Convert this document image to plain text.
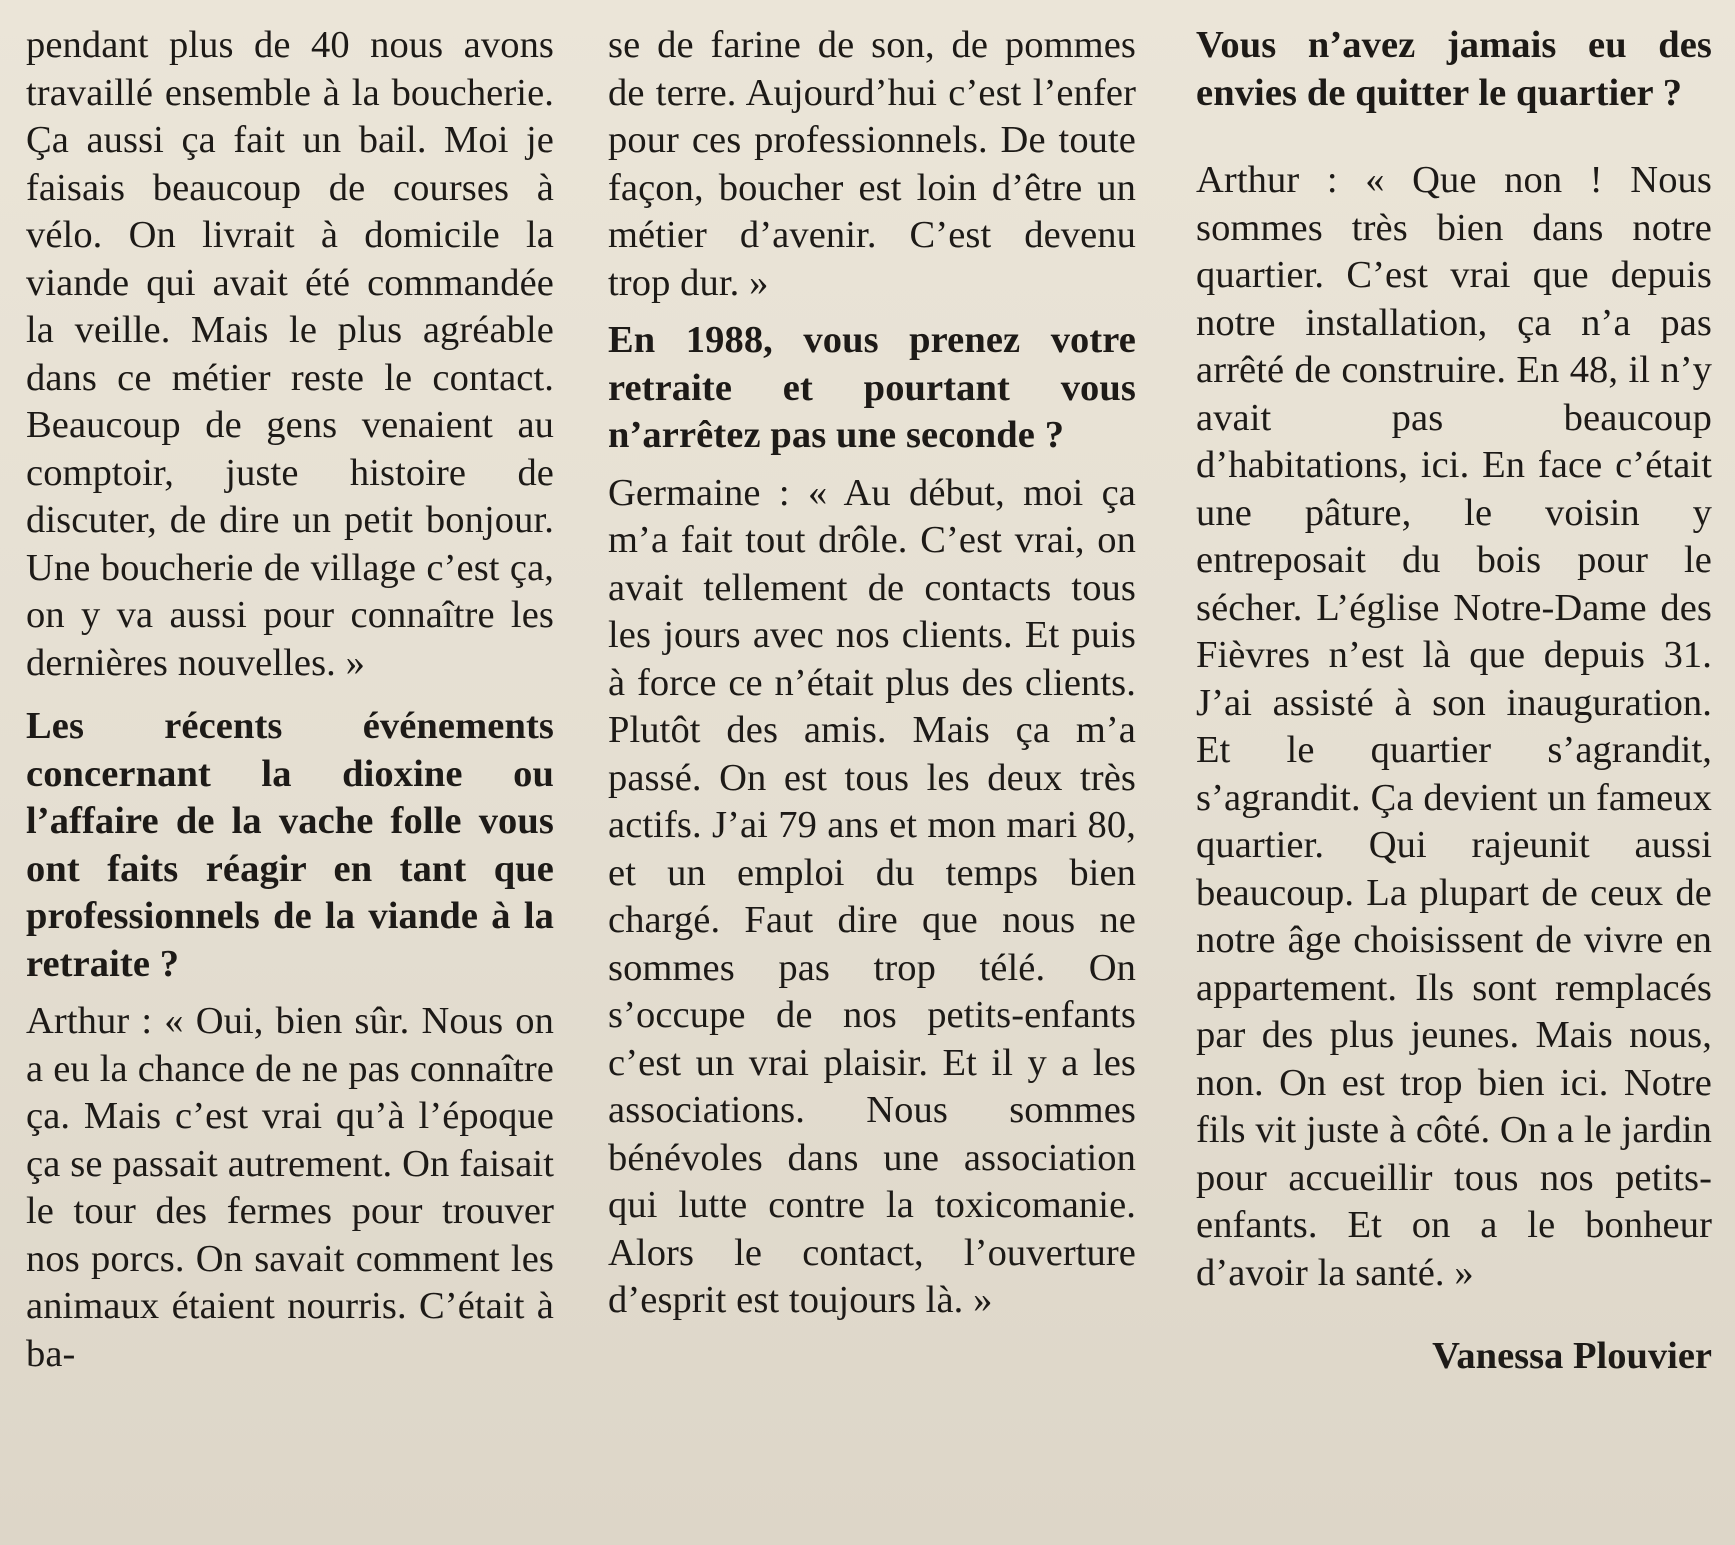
pendant plus de 40 nous avons travaillé ensemble à la boucherie. Ça aussi ça fait un bail. Moi je faisais beaucoup de courses à vélo. On livrait à domicile la viande qui avait été commandée la veille. Mais le plus agréable dans ce métier reste le contact. Beaucoup de gens venaient au comptoir, juste histoire de discuter, de dire un petit bonjour. Une boucherie de village c’est ça, on y va aussi pour connaître les dernières nouvelles. »

Les récents événements concernant la dioxine ou l’affaire de la vache folle vous ont faits réagir en tant que professionnels de la viande à la retraite ?

Arthur : « Oui, bien sûr. Nous on a eu la chance de ne pas connaître ça. Mais c’est vrai qu’à l’époque ça se passait autrement. On faisait le tour des fermes pour trouver nos porcs. On savait comment les animaux étaient nourris. C’était à ba-

se de farine de son, de pommes de terre. Aujourd’hui c’est l’enfer pour ces professionnels. De toute façon, boucher est loin d’être un métier d’avenir. C’est devenu trop dur. »

En 1988, vous prenez votre retraite et pourtant vous n’arrêtez pas une seconde ?

Germaine : « Au début, moi ça m’a fait tout drôle. C’est vrai, on avait tellement de contacts tous les jours avec nos clients. Et puis à force ce n’était plus des clients. Plutôt des amis. Mais ça m’a passé. On est tous les deux très actifs. J’ai 79 ans et mon mari 80, et un emploi du temps bien chargé. Faut dire que nous ne sommes pas trop télé. On s’occupe de nos petits-enfants c’est un vrai plaisir. Et il y a les associations. Nous sommes bénévoles dans une association qui lutte contre la toxicomanie. Alors le contact, l’ouverture d’esprit est toujours là. »

Vous n’avez jamais eu des envies de quitter le quartier ?

Arthur : « Que non ! Nous sommes très bien dans notre quartier. C’est vrai que depuis notre installation, ça n’a pas arrêté de construire. En 48, il n’y avait pas beaucoup d’habitations, ici. En face c’était une pâture, le voisin y entreposait du bois pour le sécher. L’église Notre-Dame des Fièvres n’est là que depuis 31. J’ai assisté à son inauguration. Et le quartier s’agrandit, s’agrandit. Ça devient un fameux quartier. Qui rajeunit aussi beaucoup. La plupart de ceux de notre âge choisissent de vivre en appartement. Ils sont remplacés par des plus jeunes. Mais nous, non. On est trop bien ici. Notre fils vit juste à côté. On a le jardin pour accueillir tous nos petits-enfants. Et on a le bonheur d’avoir la santé. »

Vanessa Plouvier
